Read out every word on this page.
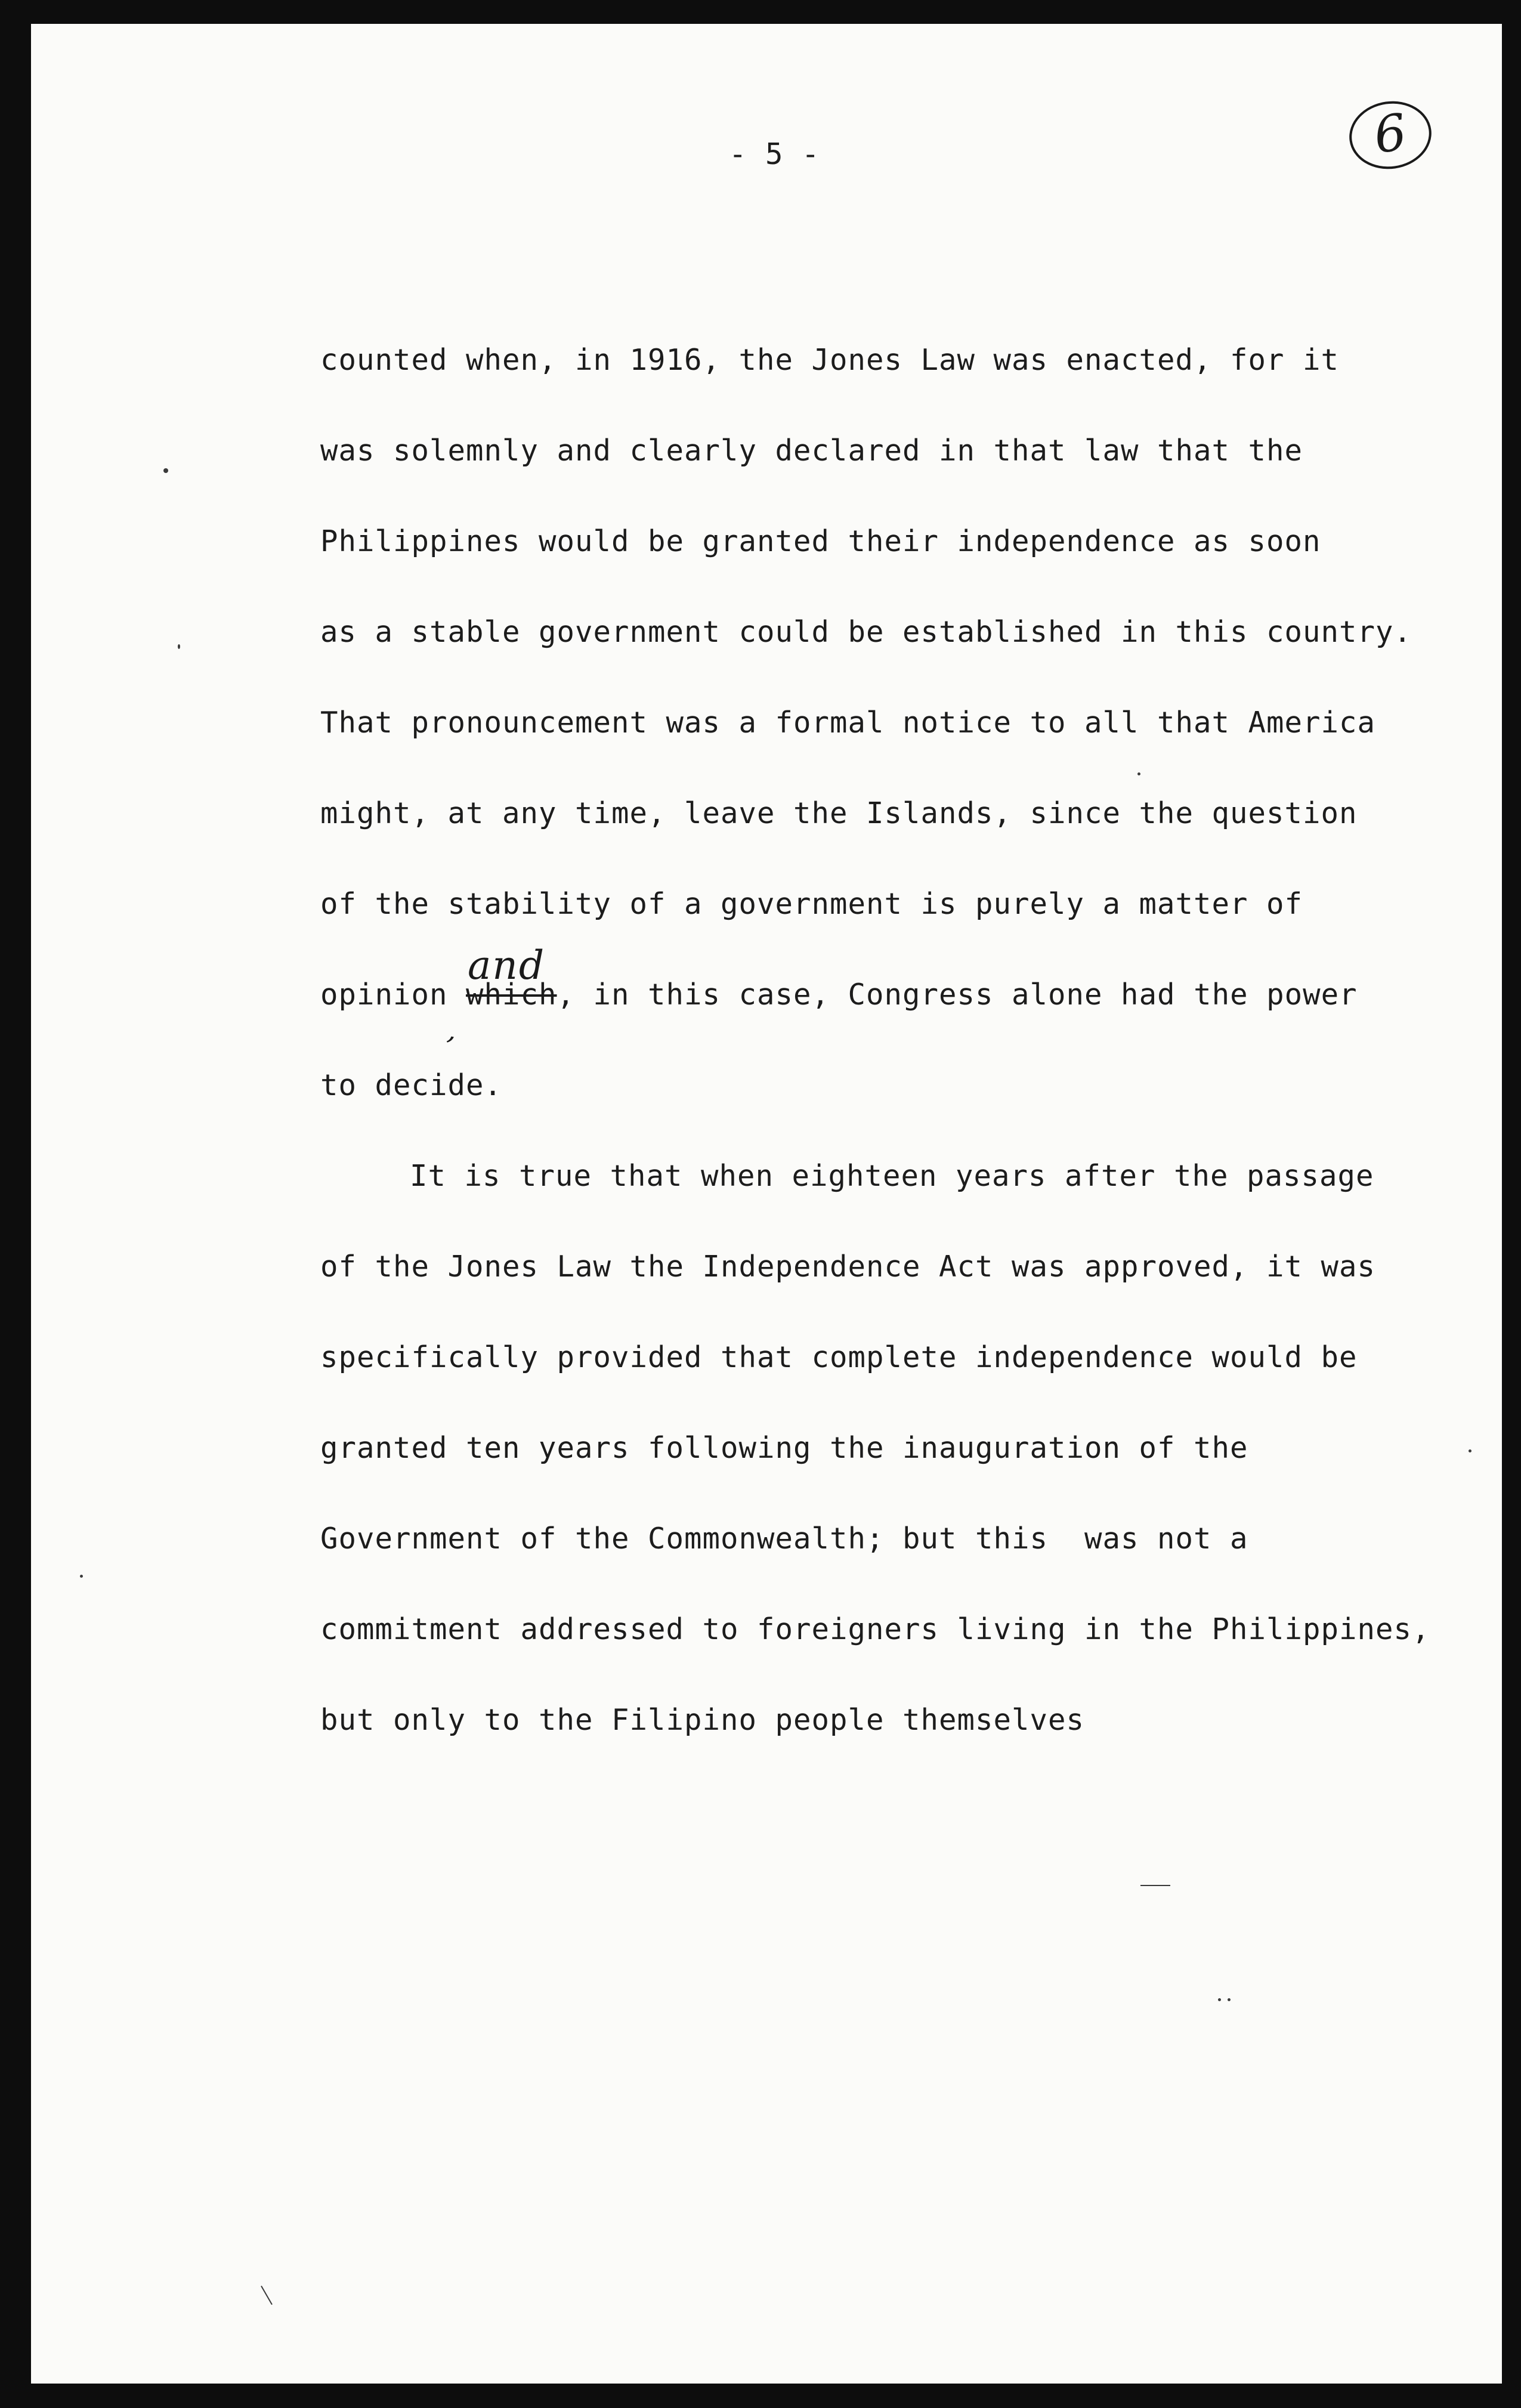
- 5 -	6
counted when, in 1916, the Jones Law was enacted, for it
was solemnly and clearly declared in that law that the
Philippines would be granted their independence as soon
as a stable government could be established in this country.
That pronouncement was a formal notice to all that America
might, at any time, leave the Islands, since the question
of the stability of a government is purely a matter of
opinion which, in this case, Congress alone had the power
and
,
to decide.
It is true that when eighteen years after the passage
of the Jones Law the Independence Act was approved, it was
specifically provided that complete independence would be
granted ten years following the inauguration of the
Government of the Commonwealth; but this  was not a
commitment addressed to foreigners living in the Philippines,
but only to the Filipino people themselves
